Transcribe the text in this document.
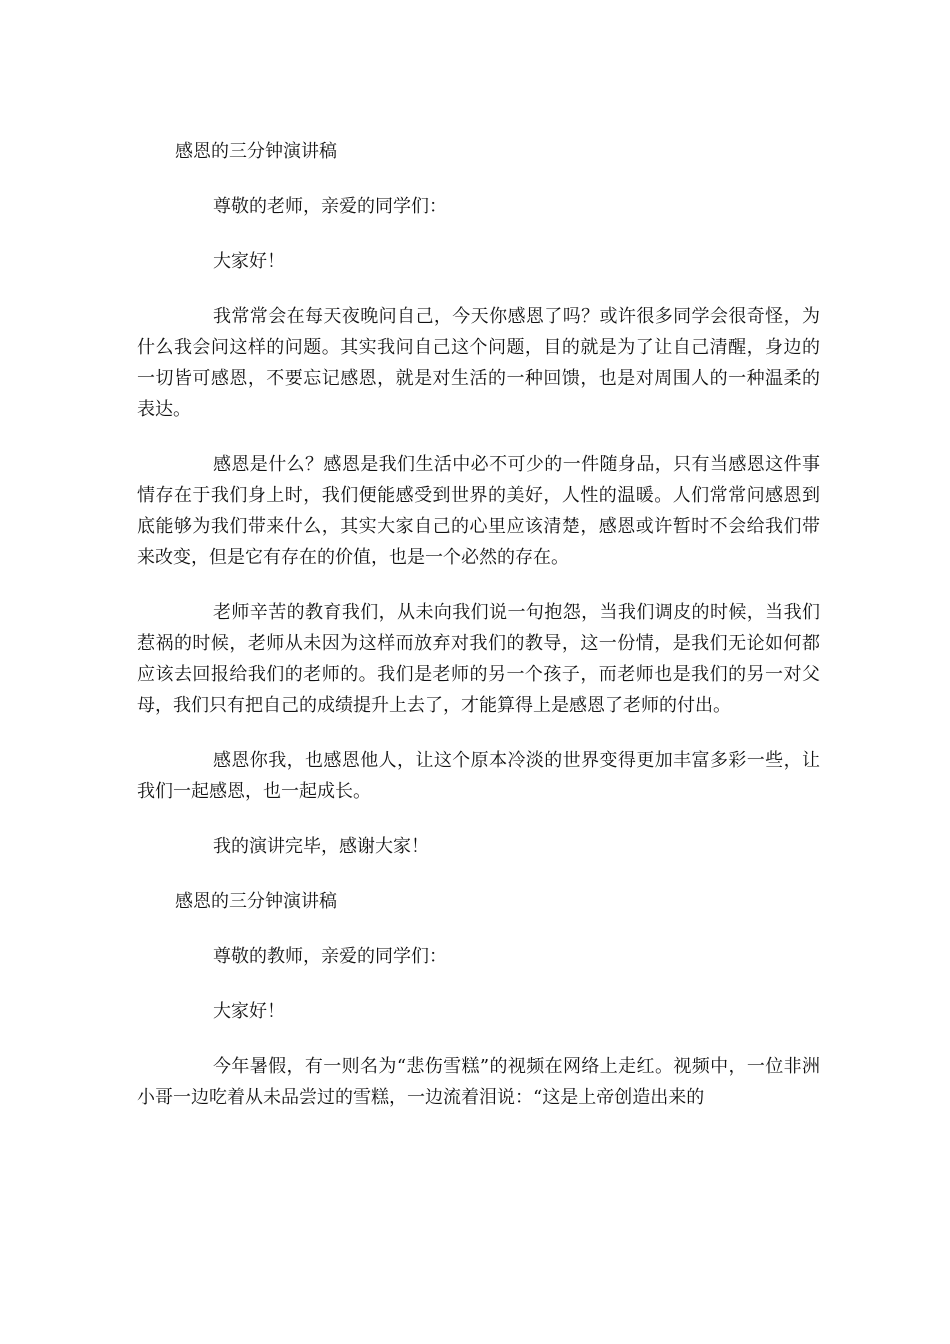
感恩的三分钟演讲稿

尊敬的老师，亲爱的同学们：

大家好！

我常常会在每天夜晚问自己，今天你感恩了吗？或许很多同学会很奇怪，为什么我会问这样的问题。其实我问自己这个问题，目的就是为了让自己清醒，身边的一切皆可感恩，不要忘记感恩，就是对生活的一种回馈，也是对周围人的一种温柔的表达。

感恩是什么？感恩是我们生活中必不可少的一件随身品，只有当感恩这件事情存在于我们身上时，我们便能感受到世界的美好，人性的温暖。人们常常问感恩到底能够为我们带来什么，其实大家自己的心里应该清楚，感恩或许暂时不会给我们带来改变，但是它有存在的价值，也是一个必然的存在。

老师辛苦的教育我们，从未向我们说一句抱怨，当我们调皮的时候，当我们惹祸的时候，老师从未因为这样而放弃对我们的教导，这一份情，是我们无论如何都应该去回报给我们的老师的。我们是老师的另一个孩子，而老师也是我们的另一对父母，我们只有把自己的成绩提升上去了，才能算得上是感恩了老师的付出。

感恩你我，也感恩他人，让这个原本冷淡的世界变得更加丰富多彩一些，让我们一起感恩，也一起成长。

我的演讲完毕，感谢大家！

感恩的三分钟演讲稿

尊敬的教师，亲爱的同学们：

大家好！

今年暑假，有一则名为“悲伤雪糕”的视频在网络上走红。视频中，一位非洲小哥一边吃着从未品尝过的雪糕，一边流着泪说：“这是上帝创造出来的
